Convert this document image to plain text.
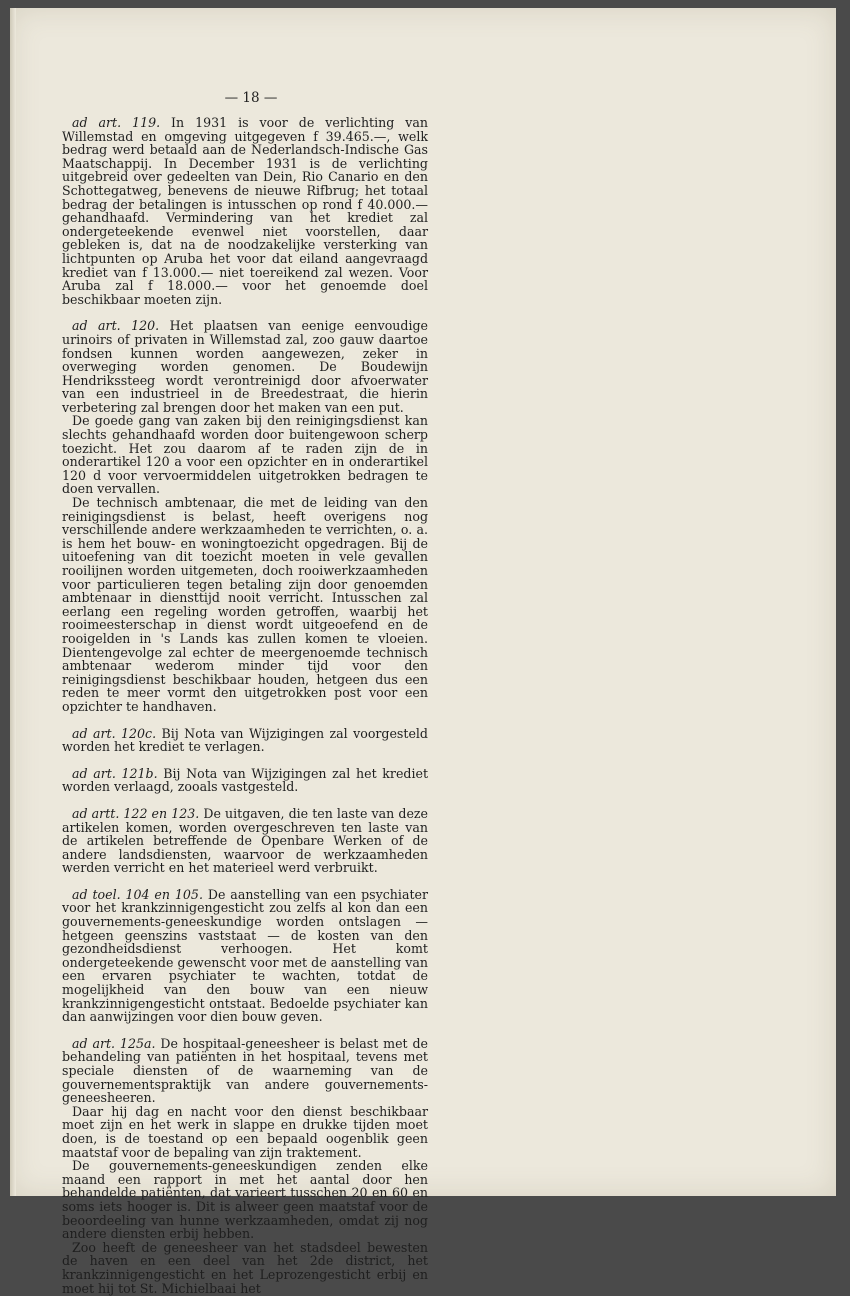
— 18 —

ad art. 119. In 1931 is voor de verlichting van Willemstad en omgeving uitgegeven f 39.465.—, welk bedrag werd betaald aan de Nederlandsch-Indische Gas Maatschappij. In December 1931 is de verlichting uitgebreid over gedeelten van Dein, Rio Canario en den Schottegatweg, benevens de nieuwe Rifbrug; het totaal bedrag der betalingen is intusschen op rond f 40.000.— gehandhaafd. Vermindering van het krediet zal ondergeteekende evenwel niet voorstellen, daar gebleken is, dat na de noodzakelijke versterking van lichtpunten op Aruba het voor dat eiland aangevraagd krediet van f 13.000.— niet toereikend zal wezen. Voor Aruba zal f 18.000.— voor het genoemde doel beschikbaar moeten zijn.

ad art. 120. Het plaatsen van eenige eenvoudige urinoirs of privaten in Willemstad zal, zoo gauw daartoe fondsen kunnen worden aangewezen, zeker in overweging worden genomen. De Boudewijn Hendrikssteeg wordt verontreinigd door afvoerwater van een industrieel in de Breedestraat, die hierin verbetering zal brengen door het maken van een put.

De goede gang van zaken bij den reinigingsdienst kan slechts gehandhaafd worden door buitengewoon scherp toezicht. Het zou daarom af te raden zijn de in onderartikel 120 a voor een opzichter en in onderartikel 120 d voor vervoermiddelen uitgetrokken bedragen te doen vervallen.

De technisch ambtenaar, die met de leiding van den reinigingsdienst is belast, heeft overigens nog verschillende andere werkzaamheden te verrichten, o. a. is hem het bouw- en woningtoezicht opgedragen. Bij de uitoefening van dit toezicht moeten in vele gevallen rooilijnen worden uitgemeten, doch rooiwerkzaamheden voor particulieren tegen betaling zijn door genoemden ambtenaar in diensttijd nooit verricht. Intusschen zal eerlang een regeling worden getroffen, waarbij het rooimeesterschap in dienst wordt uitgeoefend en de rooigelden in 's Lands kas zullen komen te vloeien. Dientengevolge zal echter de meergenoemde technisch ambtenaar wederom minder tijd voor den reinigingsdienst beschikbaar houden, hetgeen dus een reden te meer vormt den uitgetrokken post voor een opzichter te handhaven.

ad art. 120c. Bij Nota van Wijzigingen zal voorgesteld worden het krediet te verlagen.

ad art. 121b. Bij Nota van Wijzigingen zal het krediet worden verlaagd, zooals vastgesteld.

ad artt. 122 en 123. De uitgaven, die ten laste van deze artikelen komen, worden overgeschreven ten laste van de artikelen betreffende de Openbare Werken of de andere landsdiensten, waarvoor de werkzaamheden werden verricht en het materieel werd verbruikt.

ad toel. 104 en 105. De aanstelling van een psychiater voor het krankzinnigengesticht zou zelfs al kon dan een gouvernements-geneeskundige worden ontslagen — hetgeen geenszins vaststaat — de kosten van den gezondheidsdienst verhoogen. Het komt ondergeteekende gewenscht voor met de aanstelling van een ervaren psychiater te wachten, totdat de mogelijkheid van den bouw van een nieuw krankzinnigengesticht ontstaat. Bedoelde psychiater kan dan aanwijzingen voor dien bouw geven.

ad art. 125a. De hospitaal-geneesheer is belast met de behandeling van patiënten in het hospitaal, tevens met speciale diensten of de waarneming van de gouvernementspraktijk van andere gouvernements-geneesheeren.

Daar hij dag en nacht voor den dienst beschikbaar moet zijn en het werk in slappe en drukke tijden moet doen, is de toestand op een bepaald oogenblik geen maatstaf voor de bepaling van zijn traktement.

De gouvernements-geneeskundigen zenden elke maand een rapport in met het aantal door hen behandelde patiënten, dat varieert tusschen 20 en 60 en soms iets hooger is. Dit is alweer geen maatstaf voor de beoordeeling van hunne werkzaamheden, omdat zij nog andere diensten erbij hebben.

Zoo heeft de geneesheer van het stadsdeel bewesten de haven en een deel van het 2de district, het krankzinnigengesticht en het Leprozengesticht erbij en moet hij tot St. Michielbaai het
